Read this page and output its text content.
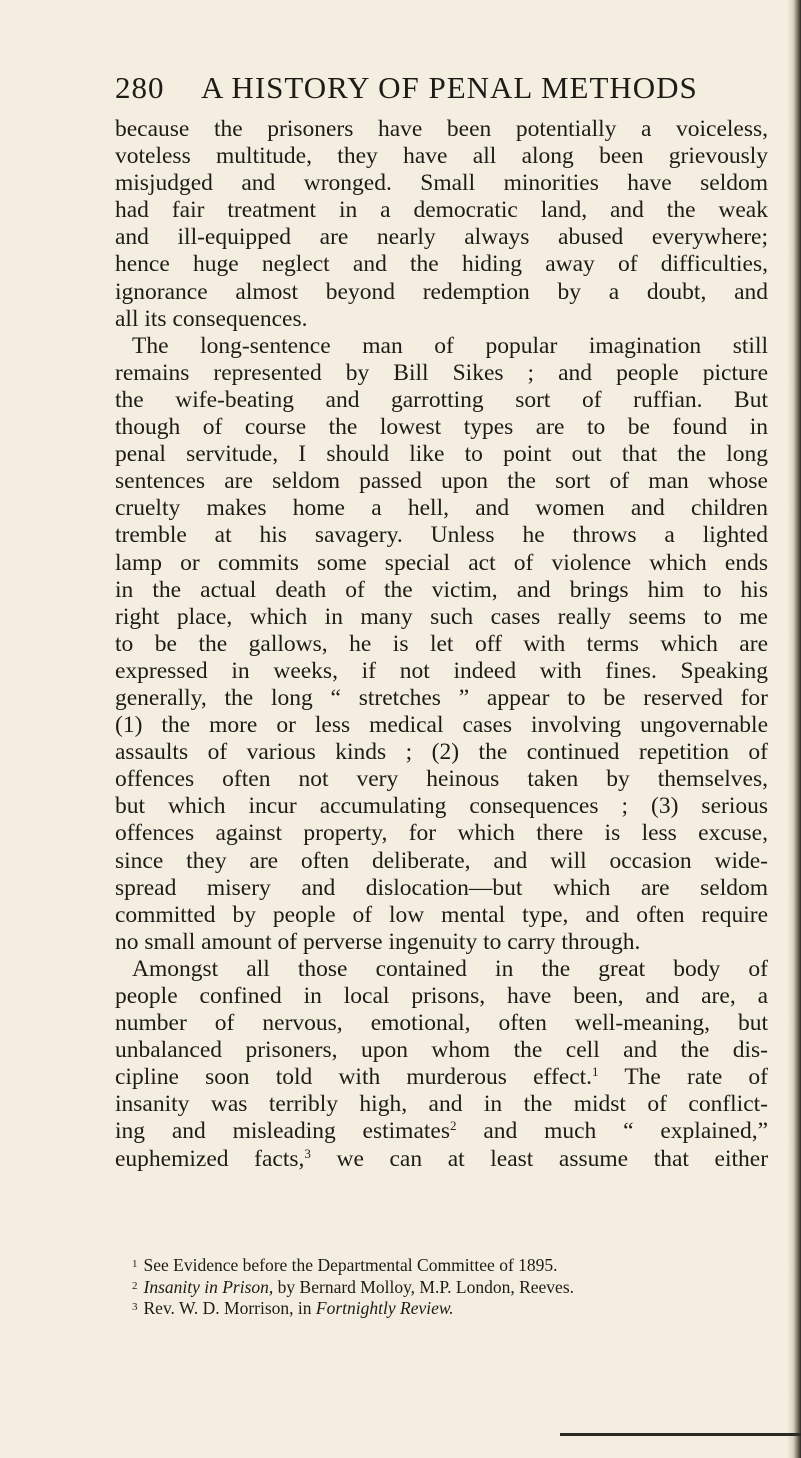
280 A HISTORY OF PENAL METHODS
because the prisoners have been potentially a voiceless,
voteless multitude, they have all along been grievously
misjudged and wronged. Small minorities have seldom
had fair treatment in a democratic land, and the weak
and ill-equipped are nearly always abused everywhere;
hence huge neglect and the hiding away of difficulties,
ignorance almost beyond redemption by a doubt, and
all its consequences.
The long-sentence man of popular imagination still
remains represented by Bill Sikes ; and people picture
the wife-beating and garrotting sort of ruffian. But
though of course the lowest types are to be found in
penal servitude, I should like to point out that the long
sentences are seldom passed upon the sort of man whose
cruelty makes home a hell, and women and children
tremble at his savagery. Unless he throws a lighted
lamp or commits some special act of violence which ends
in the actual death of the victim, and brings him to his
right place, which in many such cases really seems to me
to be the gallows, he is let off with terms which are
expressed in weeks, if not indeed with fines. Speaking
generally, the long “ stretches ” appear to be reserved for
(1) the more or less medical cases involving ungovernable
assaults of various kinds ; (2) the continued repetition of
offences often not very heinous taken by themselves,
but which incur accumulating consequences ; (3) serious
offences against property, for which there is less excuse,
since they are often deliberate, and will occasion wide-
spread misery and dislocation—but which are seldom
committed by people of low mental type, and often require
no small amount of perverse ingenuity to carry through.
Amongst all those contained in the great body of
people confined in local prisons, have been, and are, a
number of nervous, emotional, often well-meaning, but
unbalanced prisoners, upon whom the cell and the dis-
cipline soon told with murderous effect.$^1$ The rate of
insanity was terribly high, and in the midst of conflict-
ing and misleading estimates$^2$ and much “ explained,”
euphemized facts,$^3$ we can at least assume that either
$^1$ See Evidence before the Departmental Committee of 1895.
$^2$ Insanity in Prison, by Bernard Molloy, M.P. London, Reeves.
$^3$ Rev. W. D. Morrison, in Fortnightly Review.
